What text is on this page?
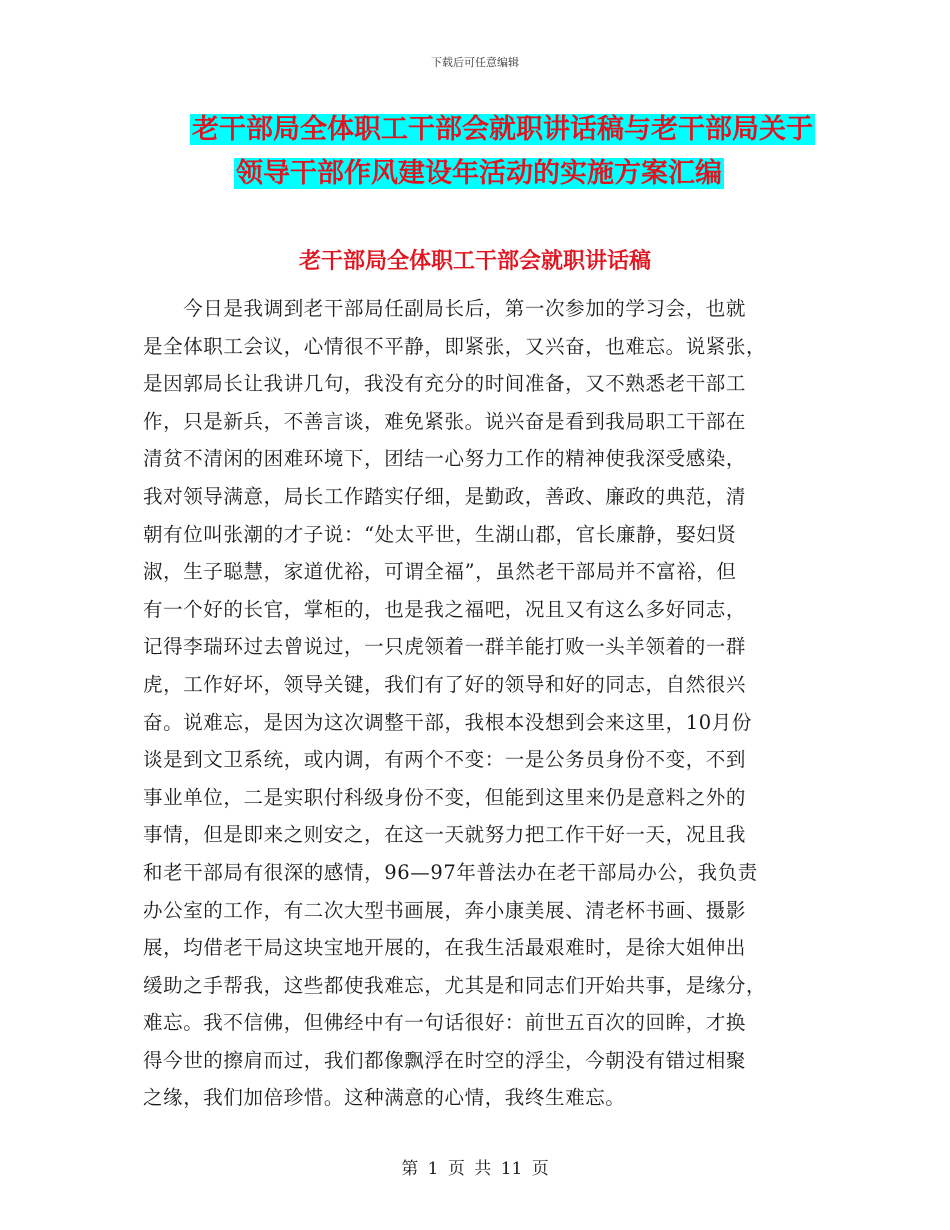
下载后可任意编辑
老干部局全体职工干部会就职讲话稿与老干部局关于
领导干部作风建设年活动的实施方案汇编
老干部局全体职工干部会就职讲话稿
　　今日是我调到老干部局任副局长后，第一次参加的学习会，也就
是全体职工会议，心情很不平静，即紧张，又兴奋，也难忘。说紧张，
是因郭局长让我讲几句，我没有充分的时间准备，又不熟悉老干部工
作，只是新兵，不善言谈，难免紧张。说兴奋是看到我局职工干部在
清贫不清闲的困难环境下，团结一心努力工作的精神使我深受感染，
我对领导满意，局长工作踏实仔细，是勤政，善政、廉政的典范，清
朝有位叫张潮的才子说：“处太平世，生湖山郡，官长廉静，娶妇贤
淑，生子聪慧，家道优裕，可谓全福”，虽然老干部局并不富裕，但
有一个好的长官，掌柜的，也是我之福吧，况且又有这么多好同志，
记得李瑞环过去曾说过，一只虎领着一群羊能打败一头羊领着的一群
虎，工作好坏，领导关键，我们有了好的领导和好的同志，自然很兴
奋。说难忘，是因为这次调整干部，我根本没想到会来这里，10月份
谈是到文卫系统，或内调，有两个不变：一是公务员身份不变，不到
事业单位，二是实职付科级身份不变，但能到这里来仍是意料之外的
事情，但是即来之则安之，在这一天就努力把工作干好一天，况且我
和老干部局有很深的感情，96—97年普法办在老干部局办公，我负责
办公室的工作，有二次大型书画展，奔小康美展、清老杯书画、摄影
展，均借老干局这块宝地开展的，在我生活最艰难时，是徐大姐伸出
缓助之手帮我，这些都使我难忘，尤其是和同志们开始共事，是缘分，
难忘。我不信佛，但佛经中有一句话很好：前世五百次的回眸，才换
得今世的擦肩而过，我们都像飘浮在时空的浮尘，今朝没有错过相聚
之缘，我们加倍珍惜。这种满意的心情，我终生难忘。
第 1 页 共 11 页
